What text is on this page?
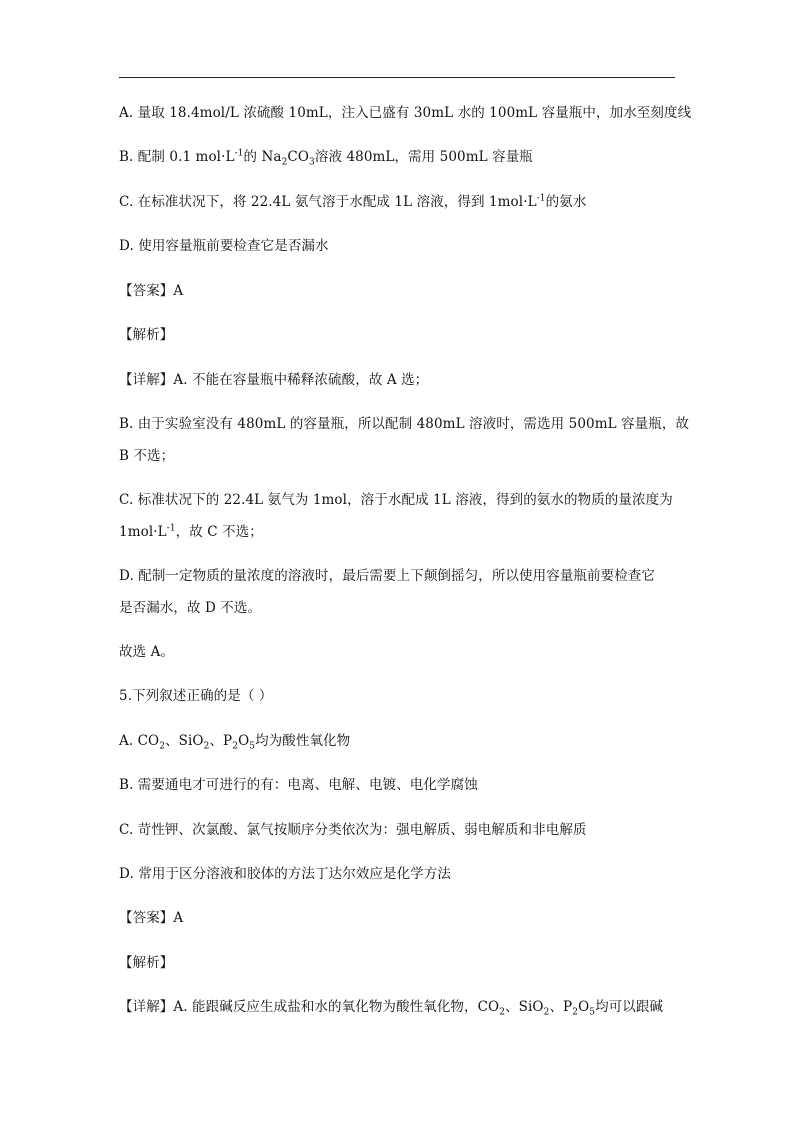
A. 量取 18.4mol/L 浓硫酸 10mL，注入已盛有 30mL 水的 100mL 容量瓶中，加水至刻度线
B. 配制 0.1 $mol\cdot L^{-1}$的 $Na_2CO_3$溶液 480mL，需用 500mL 容量瓶
C. 在标准状况下，将 22.4L 氨气溶于水配成 1L 溶液，得到 $1mol\cdot L^{-1}$的氨水
D. 使用容量瓶前要检查它是否漏水
【答案】A
【解析】
【详解】A. 不能在容量瓶中稀释浓硫酸，故 A 选；
B. 由于实验室没有 480mL 的容量瓶，所以配制 480mL 溶液时，需选用 500mL 容量瓶，故
B 不选；
C. 标准状况下的 22.4L 氨气为 1mol，溶于水配成 1L 溶液，得到的氨水的物质的量浓度为
$1mol\cdot L^{-1}$，故 C 不选；
D. 配制一定物质的量浓度的溶液时，最后需要上下颠倒摇匀，所以使用容量瓶前要检查它
是否漏水，故 D 不选。
故选 A。
5.下列叙述正确的是（ ）
A. $CO_2$、SiO$_2$、$P_2O_5$均为酸性氧化物
B. 需要通电才可进行的有：电离、电解、电镀、电化学腐蚀
C. 苛性钾、次氯酸、氯气按顺序分类依次为：强电解质、弱电解质和非电解质
D. 常用于区分溶液和胶体的方法丁达尔效应是化学方法
【答案】A
【解析】
【详解】A. 能跟碱反应生成盐和水的氧化物为酸性氧化物，$CO_2$、SiO$_2$、$P_2O_5$均可以跟碱
